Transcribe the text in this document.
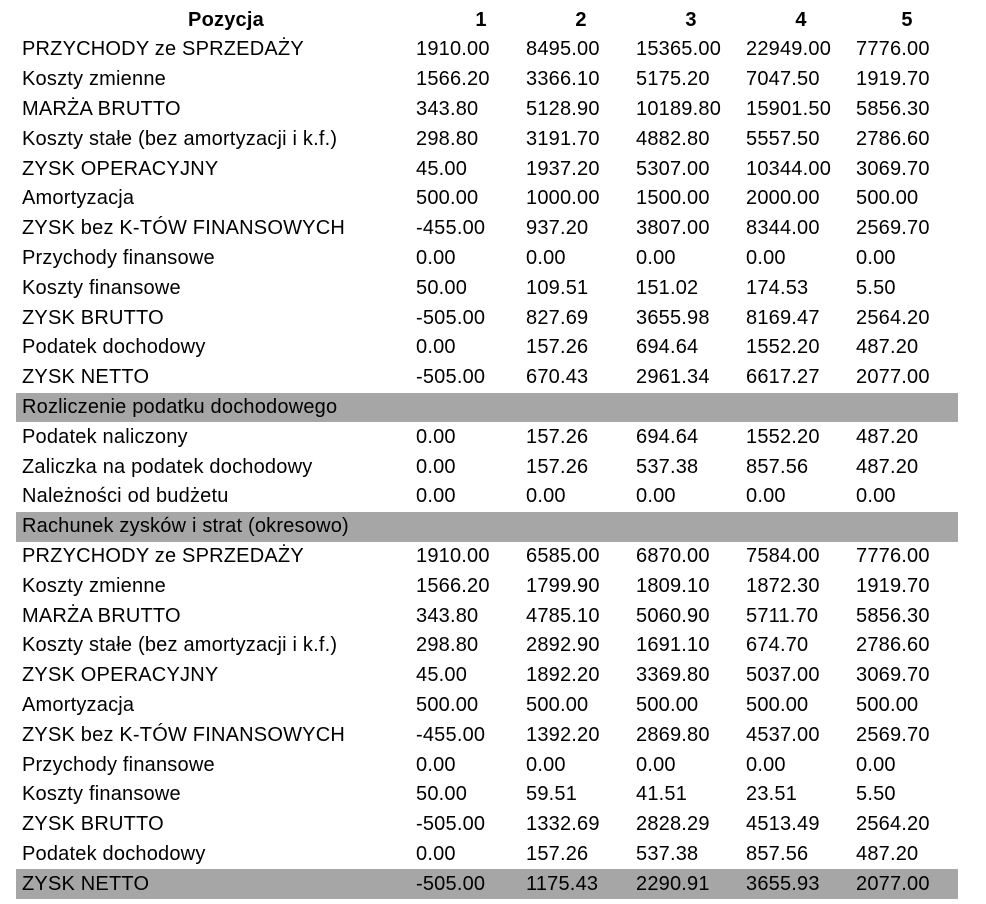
Pozycja	1	2	3	4	5
PRZYCHODY ze SPRZEDAŻY	1910.00	8495.00	15365.00	22949.00	7776.00
Koszty zmienne	1566.20	3366.10	5175.20	7047.50	1919.70
MARŻA BRUTTO	343.80	5128.90	10189.80	15901.50	5856.30
Koszty stałe (bez amortyzacji i k.f.)	298.80	3191.70	4882.80	5557.50	2786.60
ZYSK OPERACYJNY	45.00	1937.20	5307.00	10344.00	3069.70
Amortyzacja	500.00	1000.00	1500.00	2000.00	500.00
ZYSK bez K-TÓW FINANSOWYCH	-455.00	937.20	3807.00	8344.00	2569.70
Przychody finansowe	0.00	0.00	0.00	0.00	0.00
Koszty finansowe	50.00	109.51	151.02	174.53	5.50
ZYSK BRUTTO	-505.00	827.69	3655.98	8169.47	2564.20
Podatek dochodowy	0.00	157.26	694.64	1552.20	487.20
ZYSK NETTO	-505.00	670.43	2961.34	6617.27	2077.00
Rozliczenie podatku dochodowego
Podatek naliczony	0.00	157.26	694.64	1552.20	487.20
Zaliczka na podatek dochodowy	0.00	157.26	537.38	857.56	487.20
Należności od budżetu	0.00	0.00	0.00	0.00	0.00
Rachunek zysków i strat (okresowo)
PRZYCHODY ze SPRZEDAŻY	1910.00	6585.00	6870.00	7584.00	7776.00
Koszty zmienne	1566.20	1799.90	1809.10	1872.30	1919.70
MARŻA BRUTTO	343.80	4785.10	5060.90	5711.70	5856.30
Koszty stałe (bez amortyzacji i k.f.)	298.80	2892.90	1691.10	674.70	2786.60
ZYSK OPERACYJNY	45.00	1892.20	3369.80	5037.00	3069.70
Amortyzacja	500.00	500.00	500.00	500.00	500.00
ZYSK bez K-TÓW FINANSOWYCH	-455.00	1392.20	2869.80	4537.00	2569.70
Przychody finansowe	0.00	0.00	0.00	0.00	0.00
Koszty finansowe	50.00	59.51	41.51	23.51	5.50
ZYSK BRUTTO	-505.00	1332.69	2828.29	4513.49	2564.20
Podatek dochodowy	0.00	157.26	537.38	857.56	487.20
ZYSK NETTO	-505.00	1175.43	2290.91	3655.93	2077.00
